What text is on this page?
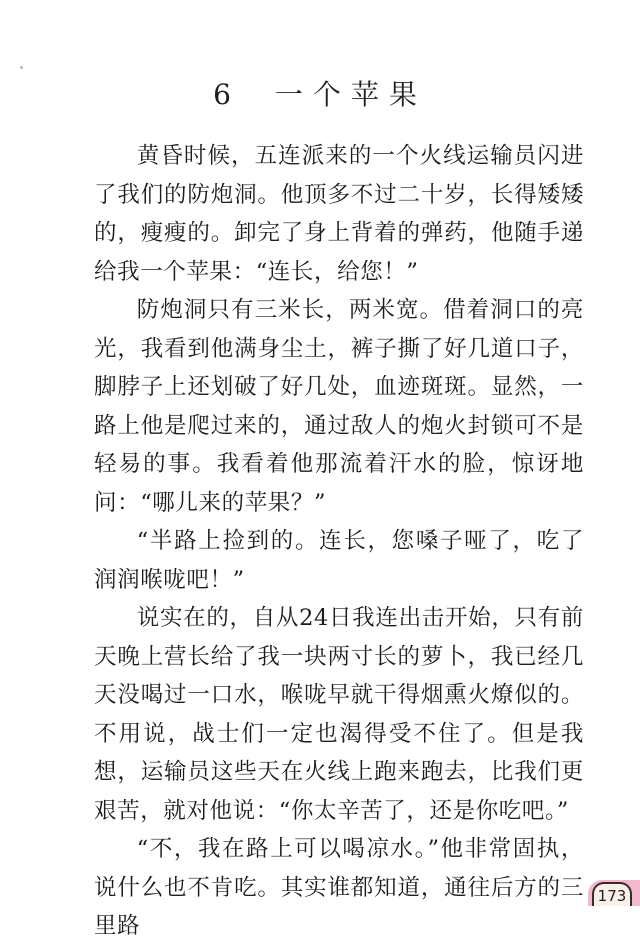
6 一个苹果

黄昏时候，五连派来的一个火线运输员闪进了我们的防炮洞。他顶多不过二十岁，长得矮矮的，瘦瘦的。卸完了身上背着的弹药，他随手递给我一个苹果：“连长，给您！”

防炮洞只有三米长，两米宽。借着洞口的亮光，我看到他满身尘土，裤子撕了好几道口子，脚脖子上还划破了好几处，血迹斑斑。显然，一路上他是爬过来的，通过敌人的炮火封锁可不是轻易的事。我看着他那流着汗水的脸，惊讶地问：“哪儿来的苹果？”

“半路上捡到的。连长，您嗓子哑了，吃了润润喉咙吧！”

说实在的，自从24日我连出击开始，只有前天晚上营长给了我一块两寸长的萝卜，我已经几天没喝过一口水，喉咙早就干得烟熏火燎似的。不用说，战士们一定也渴得受不住了。但是我想，运输员这些天在火线上跑来跑去，比我们更艰苦，就对他说：“你太辛苦了，还是你吃吧。”

“不，我在路上可以喝凉水。”他非常固执，说什么也不肯吃。其实谁都知道，通往后方的三里路

173
